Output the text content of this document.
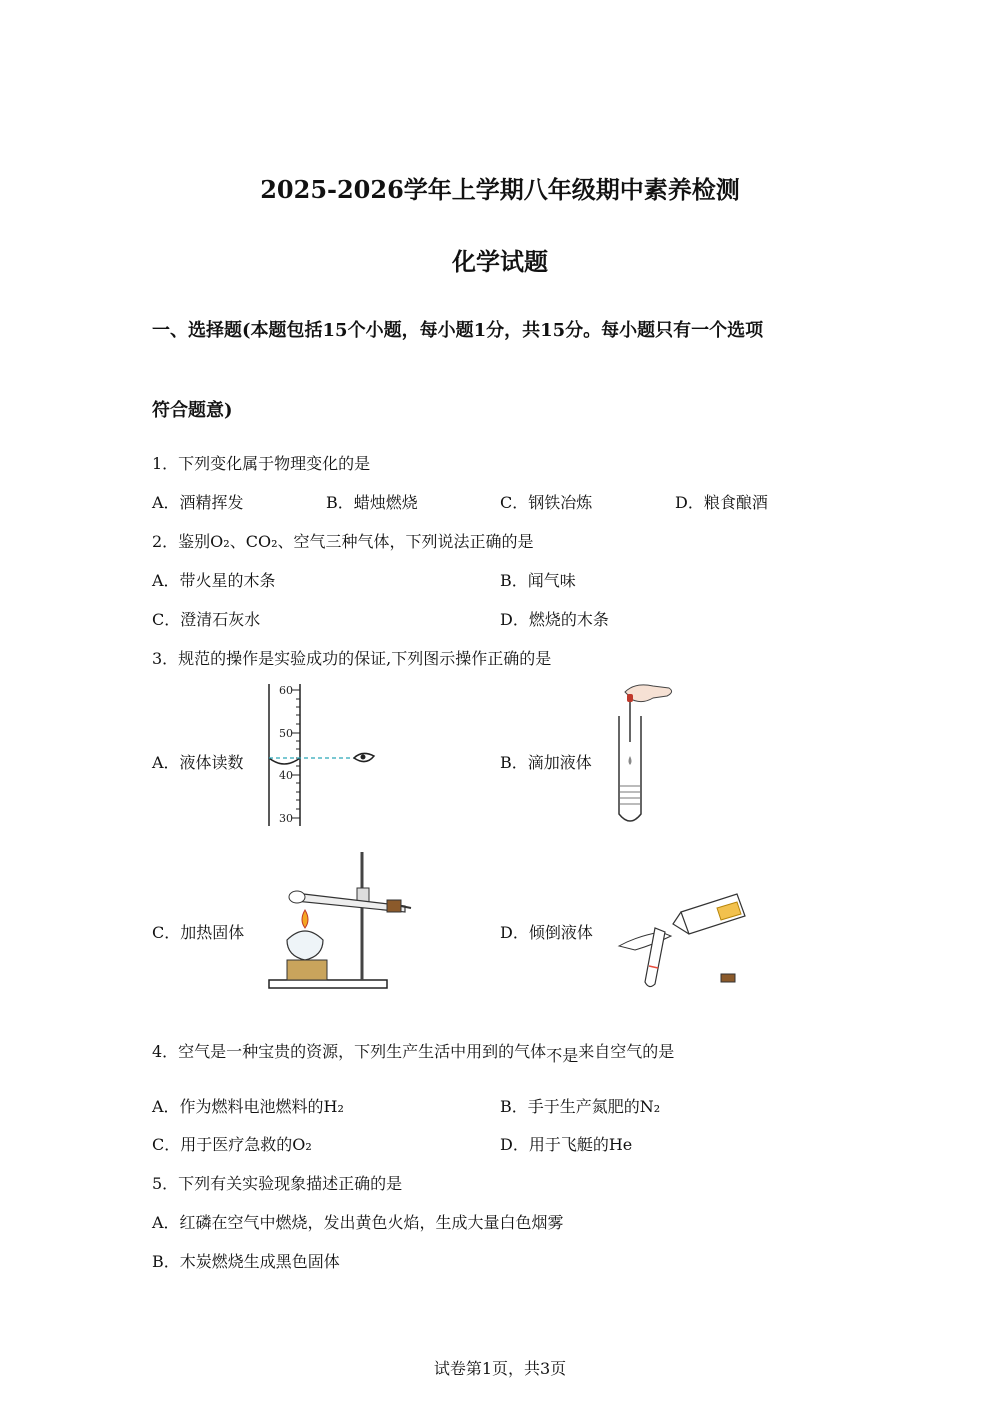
2025-2026学年上学期八年级期中素养检测
化学试题
一、选择题(本题包括15个小题，每小题1分，共15分。每小题只有一个选项
符合题意)
1．下列变化属于物理变化的是
A．酒精挥发	B．蜡烛燃烧	C．钢铁冶炼	D．粮食酿酒
2．鉴别O₂、CO₂、空气三种气体，下列说法正确的是
A．带火星的木条	B．闻气味
C．澄清石灰水	D．燃烧的木条
3．规范的操作是实验成功的保证,下列图示操作正确的是
A．液体读数	B．滴加液体
C．加热固体	D．倾倒液体
60
50
40
30
4．空气是一种宝贵的资源，下列生产生活中用到的气体不是来自空气的是
A．作为燃料电池燃料的H₂	B．手于生产氮肥的N₂
C．用于医疗急救的O₂	D．用于飞艇的He
5．下列有关实验现象描述正确的是
A．红磷在空气中燃烧，发出黄色火焰，生成大量白色烟雾
B．木炭燃烧生成黑色固体
试卷第1页，共3页
